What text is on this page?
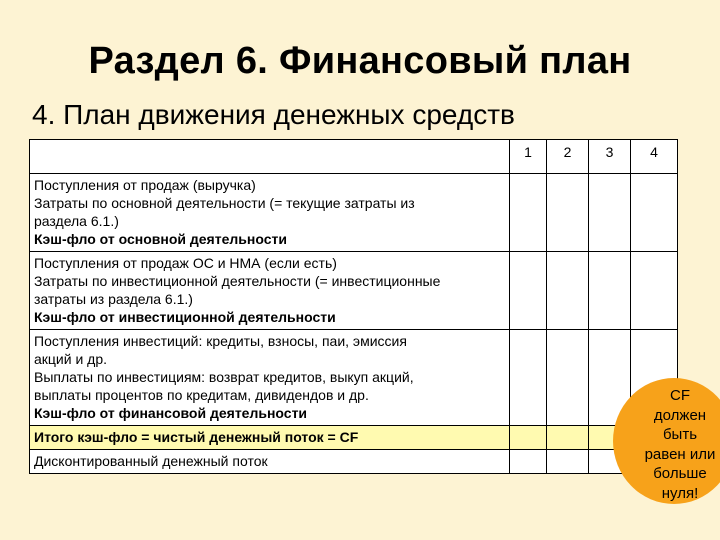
Раздел 6. Финансовый план
4. План движения денежных средств
	1	2	3	4

Поступления от продаж (выручка)
Затраты по основной деятельности (= текущие затраты из
раздела 6.1.)
Кэш-фло от основной деятельности				

Поступления от продаж ОС и НМА (если есть)
Затраты по инвестиционной деятельности (= инвестиционные
затраты из раздела 6.1.)
Кэш-фло от инвестиционной деятельности				

Поступления инвестиций: кредиты, взносы, паи, эмиссия
акций и др.
Выплаты по инвестициям: возврат кредитов, выкуп акций,
выплаты процентов по кредитам, дивидендов и др.
Кэш-фло от финансовой деятельности				

Итого кэш-фло = чистый денежный поток = CF				
Дисконтированный денежный поток				
CF
должен
быть
равен или
больше
нуля!
